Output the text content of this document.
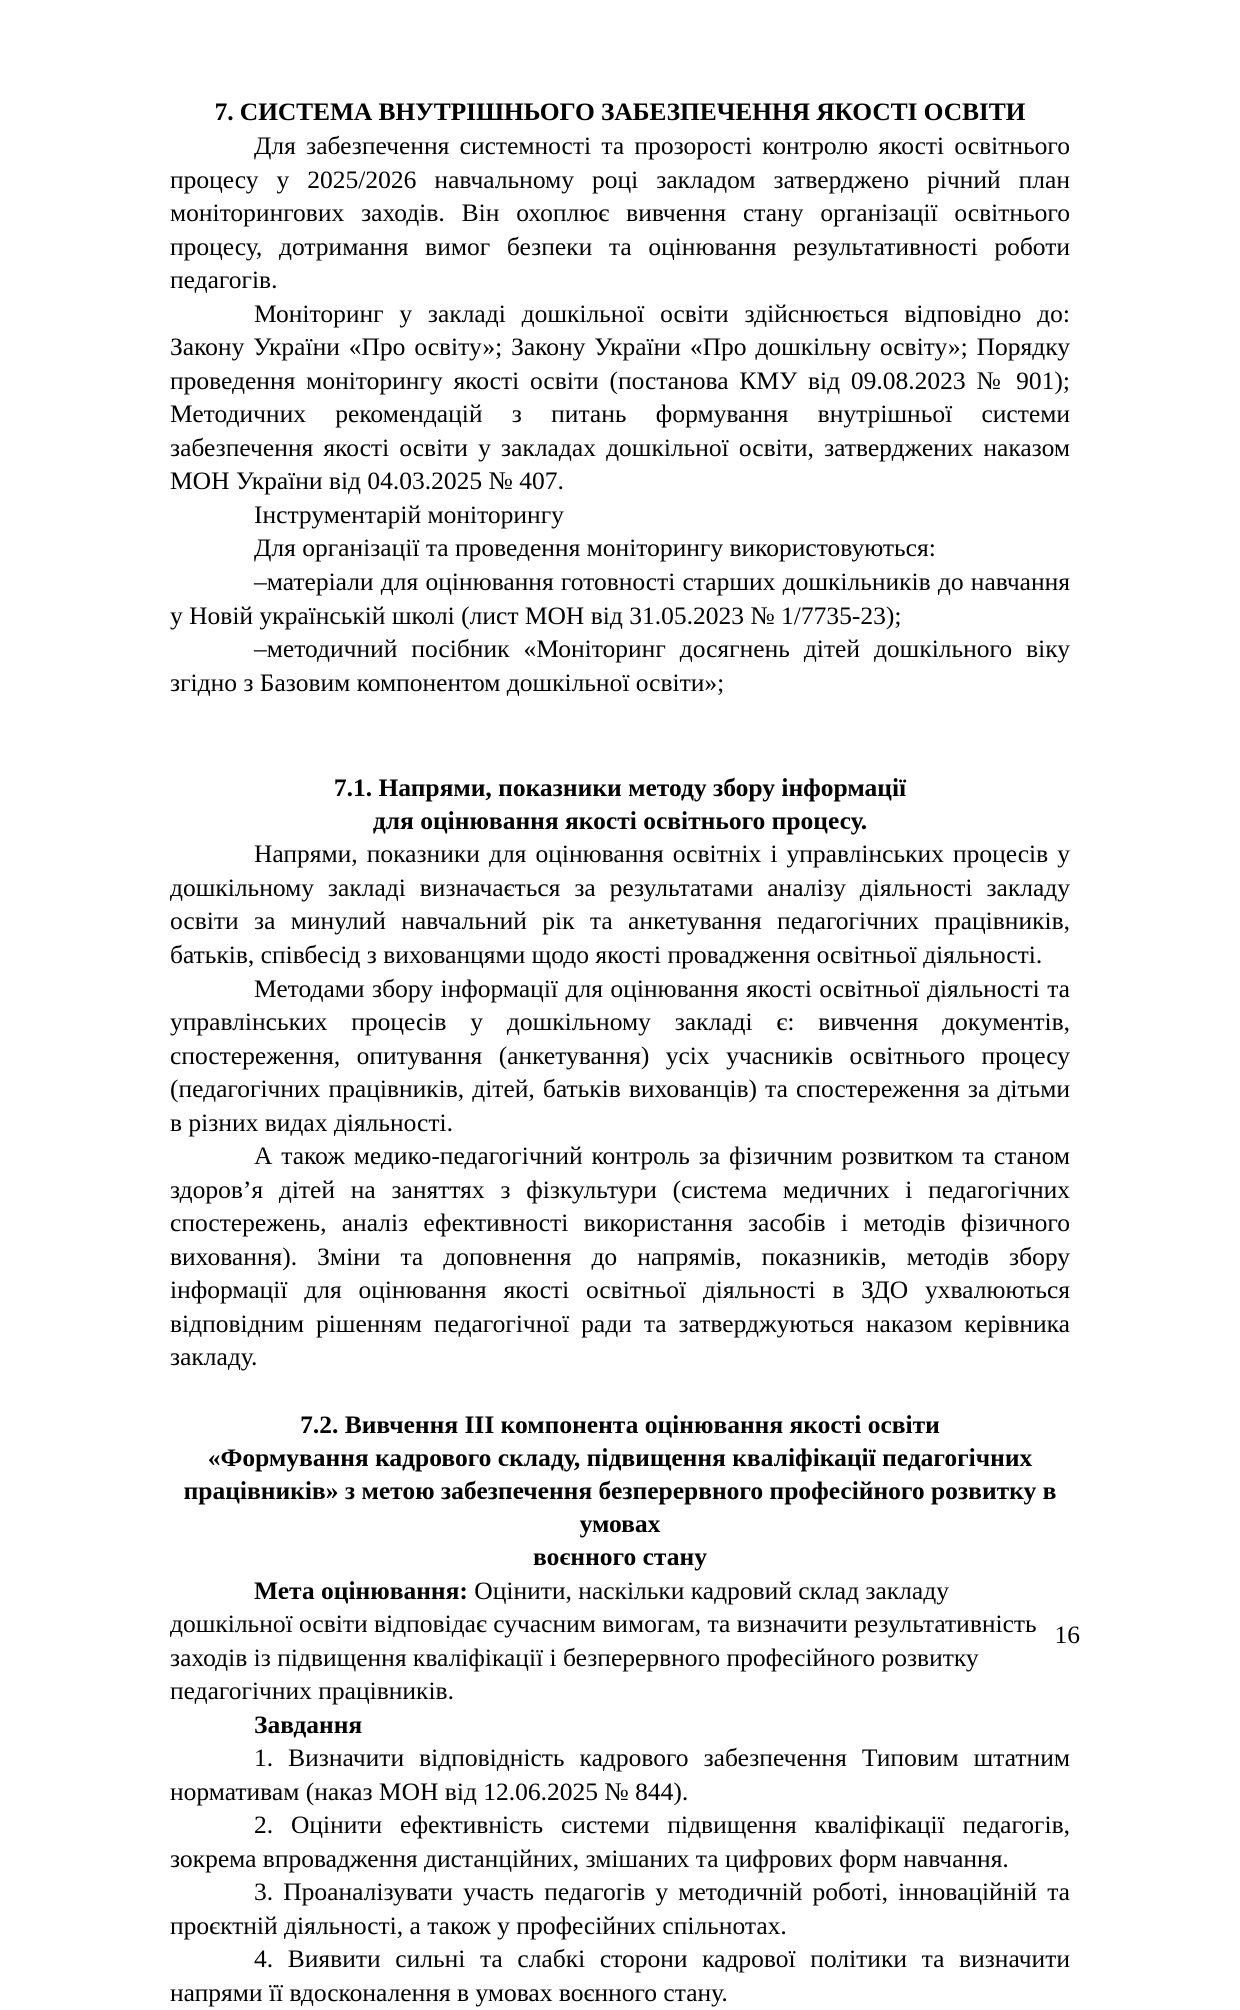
7. СИСТЕМА ВНУТРІШНЬОГО ЗАБЕЗПЕЧЕННЯ ЯКОСТІ ОСВІТИ

Для забезпечення системності та прозорості контролю якості освітнього процесу у 2025/2026 навчальному році закладом затверджено річний план моніторингових заходів. Він охоплює вивчення стану організації освітнього процесу, дотримання вимог безпеки та оцінювання результативності роботи педагогів.

Моніторинг у закладі дошкільної освіти здійснюється відповідно до: Закону України «Про освіту»; Закону України «Про дошкільну освіту»; Порядку проведення моніторингу якості освіти (постанова КМУ від 09.08.2023 № 901); Методичних рекомендацій з питань формування внутрішньої системи забезпечення якості освіти у закладах дошкільної освіти, затверджених наказом МОН України від 04.03.2025 № 407.

Інструментарій моніторингу

Для організації та проведення моніторингу використовуються:

–матеріали для оцінювання готовності старших дошкільників до навчання у Новій українській школі (лист МОН від 31.05.2023 № 1/7735-23);

–методичний посібник «Моніторинг досягнень дітей дошкільного віку згідно з Базовим компонентом дошкільної освіти»;

7.1. Напрями, показники методу збору інформації
для оцінювання якості освітнього процесу.

Напрями, показники для оцінювання освітніх і управлінських процесів у дошкільному закладі визначається за результатами аналізу діяльності закладу освіти за минулий навчальний рік та анкетування педагогічних працівників, батьків, співбесід з вихованцями щодо якості провадження освітньої діяльності.

Методами збору інформації для оцінювання якості освітньої діяльності та управлінських процесів у дошкільному закладі є: вивчення документів, спостереження, опитування (анкетування) усіх учасників освітнього процесу (педагогічних працівників, дітей, батьків вихованців) та спостереження за дітьми в різних видах діяльності.

А також медико-педагогічний контроль за фізичним розвитком та станом здоров’я дітей на заняттях з фізкультури (система медичних і педагогічних спостережень, аналіз ефективності використання засобів і методів фізичного виховання). Зміни та доповнення до напрямів, показників, методів збору інформації для оцінювання якості освітньої діяльності в ЗДО ухвалюються відповідним рішенням педагогічної ради та затверджуються наказом керівника закладу.

7.2. Вивчення ІІІ компонента оцінювання якості освіти
«Формування кадрового складу, підвищення кваліфікації педагогічних
працівників» з метою забезпечення безперервного професійного розвитку в умовах
воєнного стану

Мета оцінювання: Оцінити, наскільки кадровий склад закладу дошкільної освіти відповідає сучасним вимогам, та визначити результативність заходів із підвищення кваліфікації і безперервного професійного розвитку педагогічних працівників.

Завдання

1. Визначити відповідність кадрового забезпечення Типовим штатним нормативам (наказ МОН від 12.06.2025 № 844).

2. Оцінити ефективність системи підвищення кваліфікації педагогів, зокрема впровадження дистанційних, змішаних та цифрових форм навчання.

3. Проаналізувати участь педагогів у методичній роботі, інноваційній та проєктній діяльності, а також у професійних спільнотах.

4. Виявити сильні та слабкі сторони кадрової політики та визначити напрями її вдосконалення в умовах воєнного стану.

16
